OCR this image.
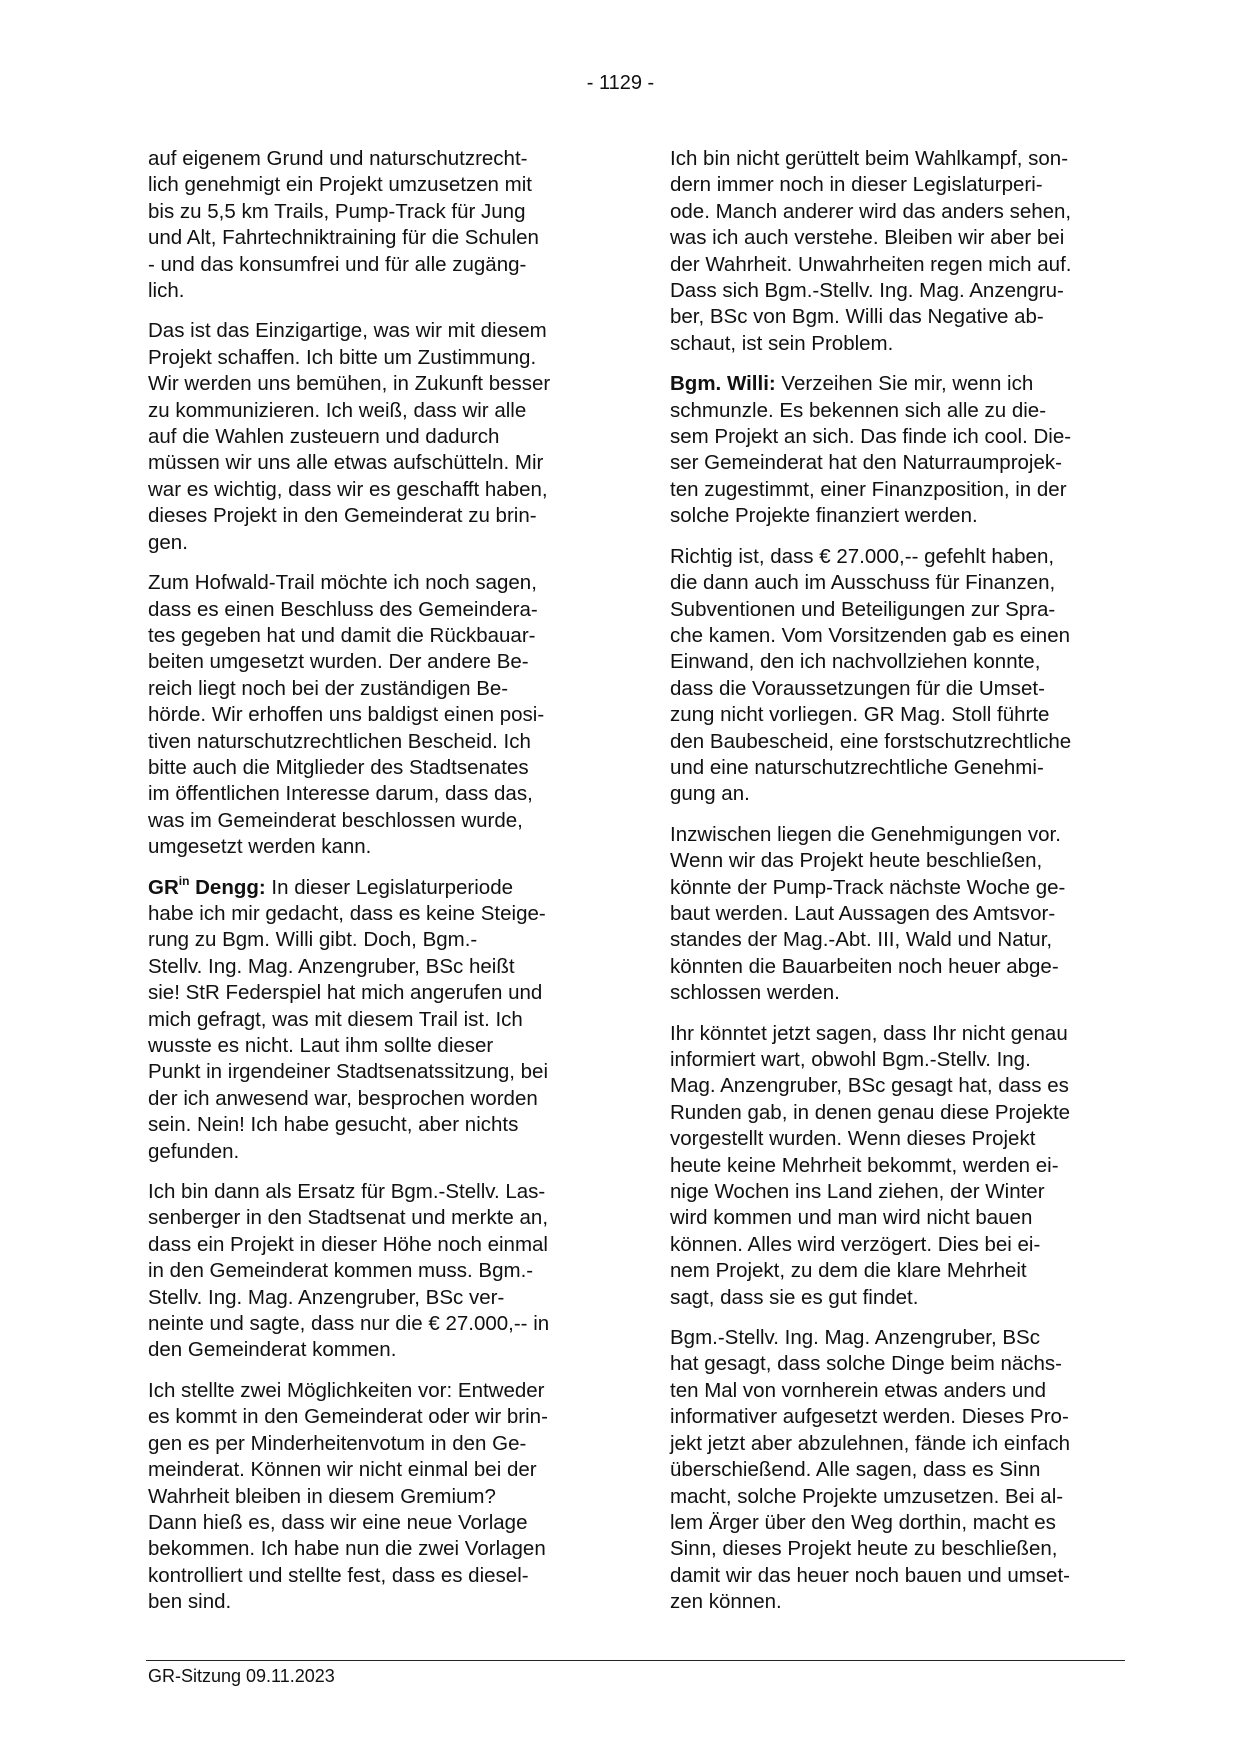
- 1129 -

auf eigenem Grund und naturschutzrecht-
lich genehmigt ein Projekt umzusetzen mit
bis zu 5,5 km Trails, Pump-Track für Jung
und Alt, Fahrtechniktraining für die Schulen
- und das konsumfrei und für alle zugäng-
lich.

Das ist das Einzigartige, was wir mit diesem
Projekt schaffen. Ich bitte um Zustimmung.
Wir werden uns bemühen, in Zukunft besser
zu kommunizieren. Ich weiß, dass wir alle
auf die Wahlen zusteuern und dadurch
müssen wir uns alle etwas aufschütteln. Mir
war es wichtig, dass wir es geschafft haben,
dieses Projekt in den Gemeinderat zu brin-
gen.

Zum Hofwald-Trail möchte ich noch sagen,
dass es einen Beschluss des Gemeindera-
tes gegeben hat und damit die Rückbauar-
beiten umgesetzt wurden. Der andere Be-
reich liegt noch bei der zuständigen Be-
hörde. Wir erhoffen uns baldigst einen posi-
tiven naturschutzrechtlichen Bescheid. Ich
bitte auch die Mitglieder des Stadtsenates
im öffentlichen Interesse darum, dass das,
was im Gemeinderat beschlossen wurde,
umgesetzt werden kann.

$GR^{in}$ Dengg: In dieser Legislaturperiode
habe ich mir gedacht, dass es keine Steige-
rung zu Bgm. Willi gibt. Doch, Bgm.-
Stellv. Ing. Mag. Anzengruber, BSc heißt
sie! StR Federspiel hat mich angerufen und
mich gefragt, was mit diesem Trail ist. Ich
wusste es nicht. Laut ihm sollte dieser
Punkt in irgendeiner Stadtsenatssitzung, bei
der ich anwesend war, besprochen worden
sein. Nein! Ich habe gesucht, aber nichts
gefunden.

Ich bin dann als Ersatz für Bgm.-Stellv. Las-
senberger in den Stadtsenat und merkte an,
dass ein Projekt in dieser Höhe noch einmal
in den Gemeinderat kommen muss. Bgm.-
Stellv. Ing. Mag. Anzengruber, BSc ver-
neinte und sagte, dass nur die € 27.000,-- in
den Gemeinderat kommen.

Ich stellte zwei Möglichkeiten vor: Entweder
es kommt in den Gemeinderat oder wir brin-
gen es per Minderheitenvotum in den Ge-
meinderat. Können wir nicht einmal bei der
Wahrheit bleiben in diesem Gremium?
Dann hieß es, dass wir eine neue Vorlage
bekommen. Ich habe nun die zwei Vorlagen
kontrolliert und stellte fest, dass es diesel-
ben sind.

Ich bin nicht gerüttelt beim Wahlkampf, son-
dern immer noch in dieser Legislaturperi-
ode. Manch anderer wird das anders sehen,
was ich auch verstehe. Bleiben wir aber bei
der Wahrheit. Unwahrheiten regen mich auf.
Dass sich Bgm.-Stellv. Ing. Mag. Anzengru-
ber, BSc von Bgm. Willi das Negative ab-
schaut, ist sein Problem.

Bgm. Willi: Verzeihen Sie mir, wenn ich
schmunzle. Es bekennen sich alle zu die-
sem Projekt an sich. Das finde ich cool. Die-
ser Gemeinderat hat den Naturraumprojek-
ten zugestimmt, einer Finanzposition, in der
solche Projekte finanziert werden.

Richtig ist, dass € 27.000,-- gefehlt haben,
die dann auch im Ausschuss für Finanzen,
Subventionen und Beteiligungen zur Spra-
che kamen. Vom Vorsitzenden gab es einen
Einwand, den ich nachvollziehen konnte,
dass die Voraussetzungen für die Umset-
zung nicht vorliegen. GR Mag. Stoll führte
den Baubescheid, eine forstschutzrechtliche
und eine naturschutzrechtliche Genehmi-
gung an.

Inzwischen liegen die Genehmigungen vor.
Wenn wir das Projekt heute beschließen,
könnte der Pump-Track nächste Woche ge-
baut werden. Laut Aussagen des Amtsvor-
standes der Mag.-Abt. III, Wald und Natur,
könnten die Bauarbeiten noch heuer abge-
schlossen werden.

Ihr könntet jetzt sagen, dass Ihr nicht genau
informiert wart, obwohl Bgm.-Stellv. Ing.
Mag. Anzengruber, BSc gesagt hat, dass es
Runden gab, in denen genau diese Projekte
vorgestellt wurden. Wenn dieses Projekt
heute keine Mehrheit bekommt, werden ei-
nige Wochen ins Land ziehen, der Winter
wird kommen und man wird nicht bauen
können. Alles wird verzögert. Dies bei ei-
nem Projekt, zu dem die klare Mehrheit
sagt, dass sie es gut findet.

Bgm.-Stellv. Ing. Mag. Anzengruber, BSc
hat gesagt, dass solche Dinge beim nächs-
ten Mal von vornherein etwas anders und
informativer aufgesetzt werden. Dieses Pro-
jekt jetzt aber abzulehnen, fände ich einfach
überschießend. Alle sagen, dass es Sinn
macht, solche Projekte umzusetzen. Bei al-
lem Ärger über den Weg dorthin, macht es
Sinn, dieses Projekt heute zu beschließen,
damit wir das heuer noch bauen und umset-
zen können.

GR-Sitzung 09.11.2023
